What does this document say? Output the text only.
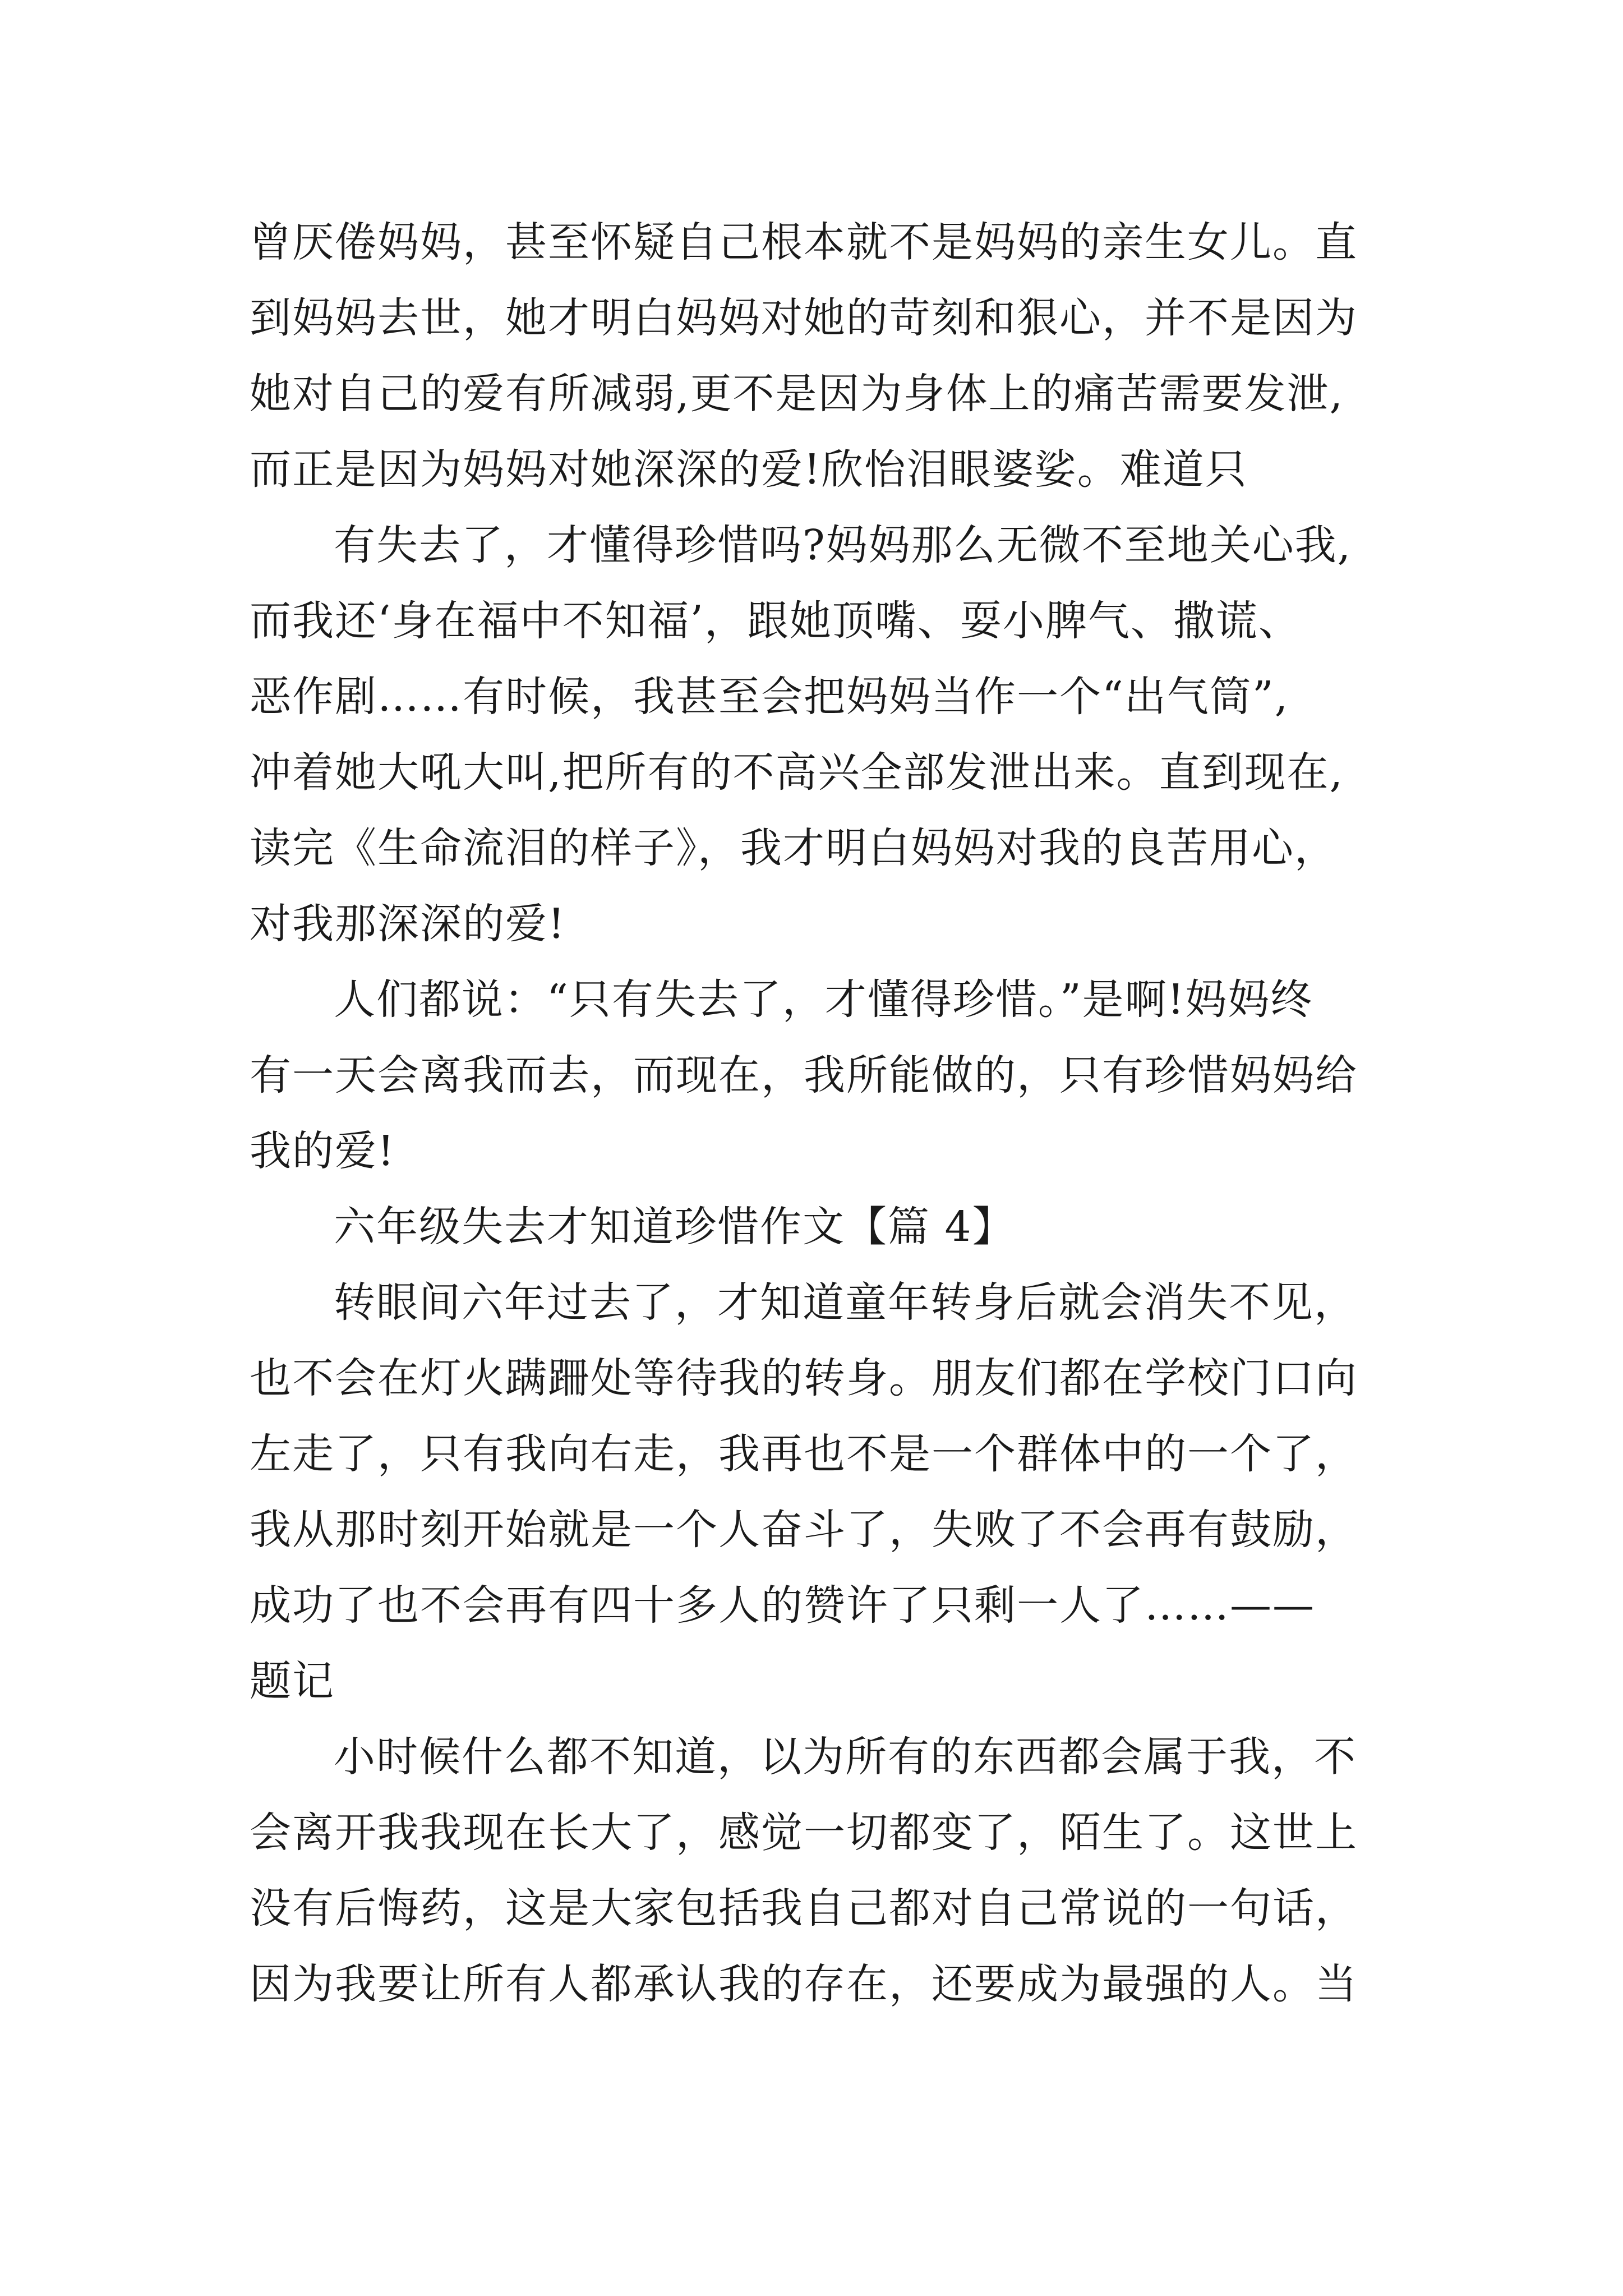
曾厌倦妈妈，甚至怀疑自己根本就不是妈妈的亲生女儿。直
到妈妈去世，她才明白妈妈对她的苛刻和狠心，并不是因为
她对自己的爱有所减弱,更不是因为身体上的痛苦需要发泄,
而正是因为妈妈对她深深的爱!欣怡泪眼婆娑。难道只
有失去了，才懂得珍惜吗?妈妈那么无微不至地关心我,
而我还‘身在福中不知福’，跟她顶嘴、耍小脾气、撒谎、
恶作剧……有时候，我甚至会把妈妈当作一个“出气筒”,
冲着她大吼大叫,把所有的不高兴全部发泄出来。直到现在,
读完《生命流泪的样子》，我才明白妈妈对我的良苦用心，
对我那深深的爱!
人们都说：“只有失去了，才懂得珍惜。”是啊!妈妈终
有一天会离我而去，而现在，我所能做的，只有珍惜妈妈给
我的爱!
六年级失去才知道珍惜作文【篇 4】
转眼间六年过去了，才知道童年转身后就会消失不见，
也不会在灯火蹒跚处等待我的转身。朋友们都在学校门口向
左走了，只有我向右走，我再也不是一个群体中的一个了，
我从那时刻开始就是一个人奋斗了，失败了不会再有鼓励，
成功了也不会再有四十多人的赞许了只剩一人了……——
题记
小时候什么都不知道，以为所有的东西都会属于我，不
会离开我我现在长大了，感觉一切都变了，陌生了。这世上
没有后悔药，这是大家包括我自己都对自己常说的一句话，
因为我要让所有人都承认我的存在，还要成为最强的人。当
